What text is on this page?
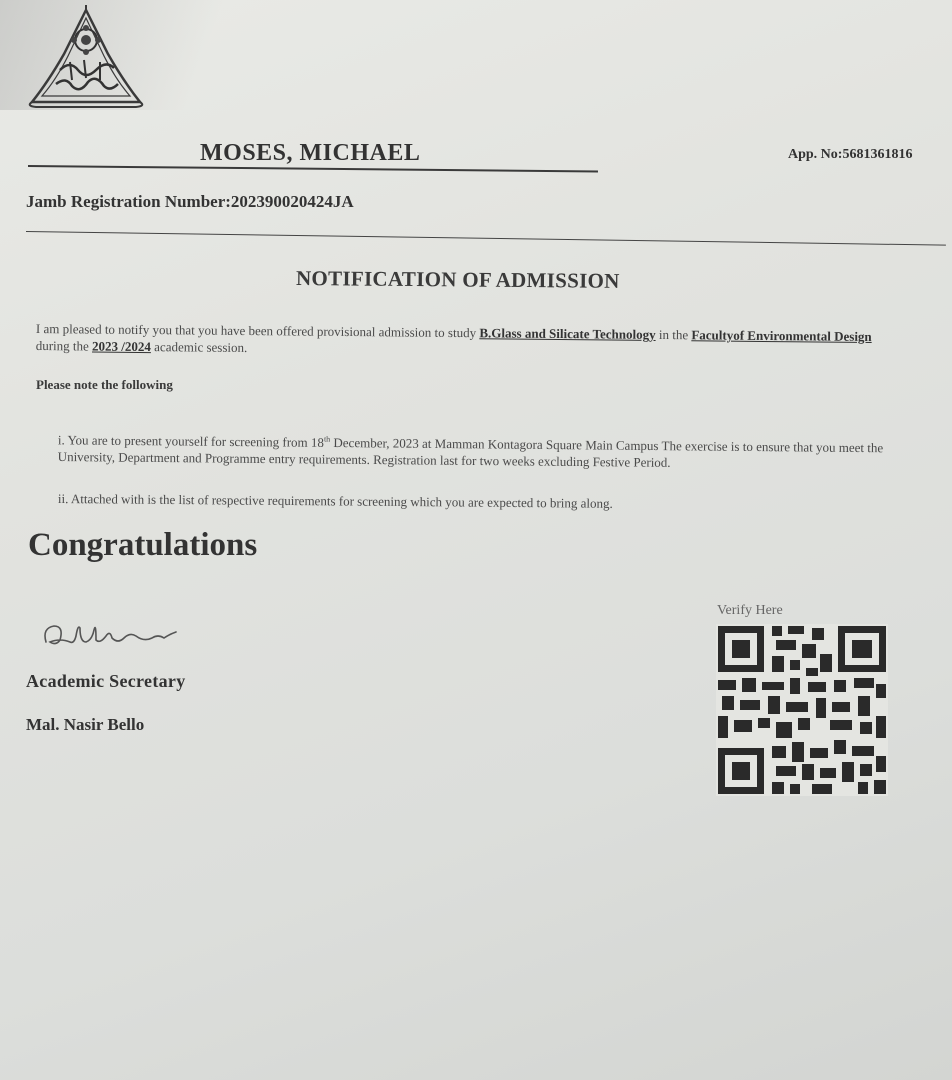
MOSES, MICHAEL	App. No:5681361816
Jamb Registration Number:202390020424JA
NOTIFICATION OF ADMISSION
I am pleased to notify you that you have been offered provisional admission to study B.Glass and Silicate Technology in the Facultyof Environmental Design during the 2023 /2024 academic session.
Please note the following
i. You are to present yourself for screening from 18th December, 2023 at Mamman Kontagora Square Main Campus The exercise is to ensure that you meet the University, Department and Programme entry requirements. Registration last for two weeks excluding Festive Period.
ii. Attached with is the list of respective requirements for screening which you are expected to bring along.
Congratulations
Academic Secretary
Mal. Nasir Bello
Verify Here
